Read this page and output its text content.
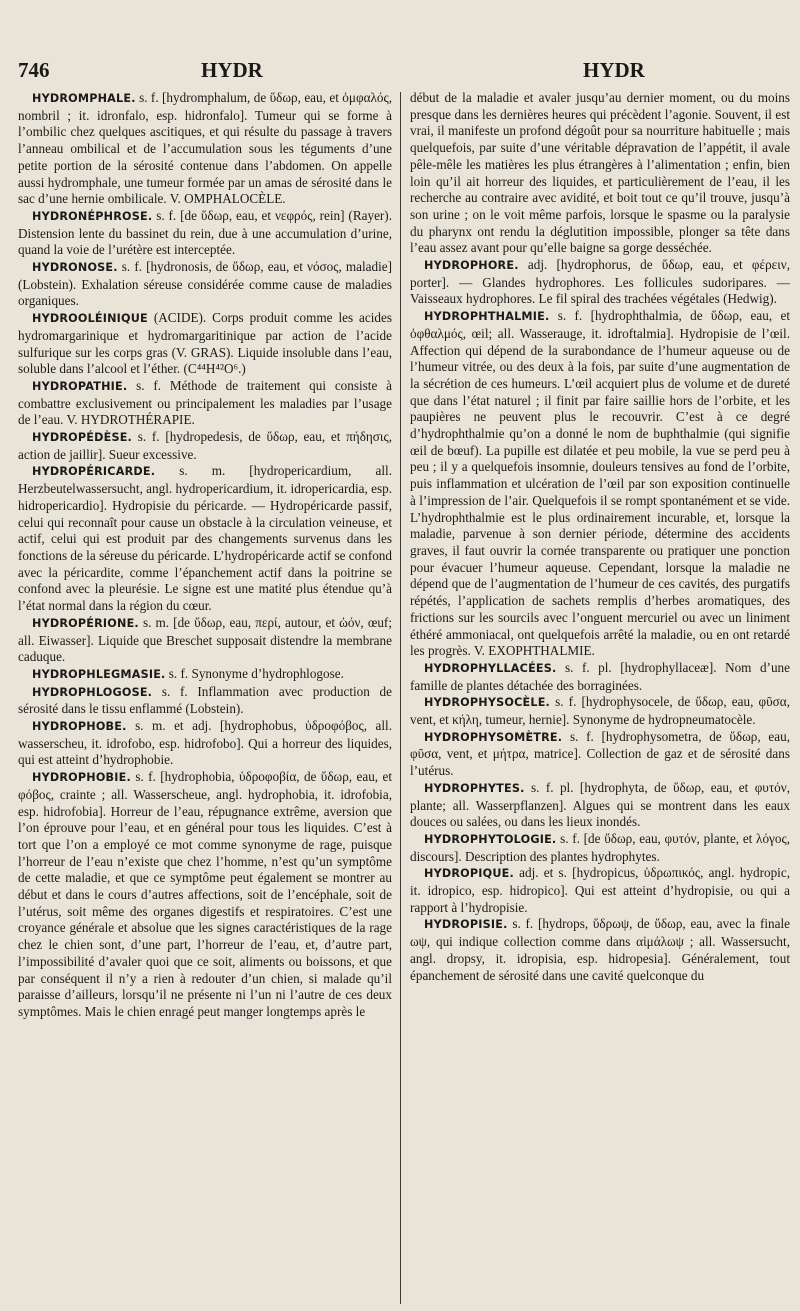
746	HYDR	HYDR

HYDROMPHALE. s. f. [hydromphalum, de ὕδωρ, eau, et ὀμφαλός, nombril ; it. idronfalo, esp. hidronfalo]. Tumeur qui se forme à l’ombilic chez quelques ascitiques, et qui résulte du passage à travers l’anneau ombilical et de l’accumulation sous les téguments d’une petite portion de la sérosité contenue dans l’abdomen. On appelle aussi hydromphale, une tumeur formée par un amas de sérosité dans le sac d’une hernie ombilicale. V. OMPHALOCÈLE.

HYDRONÉPHROSE. s. f. [de ὕδωρ, eau, et νεφρός, rein] (Rayer). Distension lente du bassinet du rein, due à une accumulation d’urine, quand la voie de l’urétère est interceptée.

HYDRONOSE. s. f. [hydronosis, de ὕδωρ, eau, et νόσος, maladie] (Lobstein). Exhalation séreuse considérée comme cause de maladies organiques.

HYDROOLÉINIQUE (ACIDE). Corps produit comme les acides hydromargarinique et hydromargaritinique par action de l’acide sulfurique sur les corps gras (V. GRAS). Liquide insoluble dans l’eau, soluble dans l’alcool et l’éther. (C⁴⁴H⁴²O⁶.)

HYDROPATHIE. s. f. Méthode de traitement qui consiste à combattre exclusivement ou principalement les maladies par l’usage de l’eau. V. HYDROTHÉRAPIE.

HYDROPÉDÈSE. s. f. [hydropedesis, de ὕδωρ, eau, et πήδησις, action de jaillir]. Sueur excessive.

HYDROPÉRICARDE. s. m. [hydropericardium, all. Herzbeutelwassersucht, angl. hydropericardium, it. idropericardia, esp. hidropericardio]. Hydropisie du péricarde. — Hydropéricarde passif, celui qui reconnaît pour cause un obstacle à la circulation veineuse, et actif, celui qui est produit par des changements survenus dans les fonctions de la séreuse du péricarde. L’hydropéricarde actif se confond avec la péricardite, comme l’épanchement actif dans la poitrine se confond avec la pleurésie. Le signe est une matité plus étendue qu’à l’état normal dans la région du cœur.

HYDROPÉRIONE. s. m. [de ὕδωρ, eau, περί, autour, et ὠόν, œuf; all. Eiwasser]. Liquide que Breschet supposait distendre la membrane caduque.

HYDROPHLEGMASIE. s. f. Synonyme d’hydrophlogose.

HYDROPHLOGOSE. s. f. Inflammation avec production de sérosité dans le tissu enflammé (Lobstein).

HYDROPHOBE. s. m. et adj. [hydrophobus, ὑδροφόβος, all. wasserscheu, it. idrofobo, esp. hidrofobo]. Qui a horreur des liquides, qui est atteint d’hydrophobie.

HYDROPHOBIE. s. f. [hydrophobia, ὑδροφοβία, de ὕδωρ, eau, et φόβος, crainte ; all. Wasserscheue, angl. hydrophobia, it. idrofobia, esp. hidrofobia]. Horreur de l’eau, répugnance extrême, aversion que l’on éprouve pour l’eau, et en général pour tous les liquides. C’est à tort que l’on a employé ce mot comme synonyme de rage, puisque l’horreur de l’eau n’existe que chez l’homme, n’est qu’un symptôme de cette maladie, et que ce symptôme peut également se montrer au début et dans le cours d’autres affections, soit de l’encéphale, soit de l’utérus, soit même des organes digestifs et respiratoires. C’est une croyance générale et absolue que les signes caractéristiques de la rage chez le chien sont, d’une part, l’horreur de l’eau, et, d’autre part, l’impossibilité d’avaler quoi que ce soit, aliments ou boissons, et que par conséquent il n’y a rien à redouter d’un chien, si malade qu’il paraisse d’ailleurs, lorsqu’il ne présente ni l’un ni l’autre de ces deux symptômes. Mais le chien enragé peut manger longtemps après le

début de la maladie et avaler jusqu’au dernier moment, ou du moins presque dans les dernières heures qui précèdent l’agonie. Souvent, il est vrai, il manifeste un profond dégoût pour sa nourriture habituelle ; mais quelquefois, par suite d’une véritable dépravation de l’appétit, il avale pêle-mêle les matières les plus étrangères à l’alimentation ; enfin, bien loin qu’il ait horreur des liquides, et particulièrement de l’eau, il les recherche au contraire avec avidité, et boit tout ce qu’il trouve, jusqu’à son urine ; on le voit même parfois, lorsque le spasme ou la paralysie du pharynx ont rendu la déglutition impossible, plonger sa tête dans l’eau assez avant pour qu’elle baigne sa gorge desséchée.

HYDROPHORE. adj. [hydrophorus, de ὕδωρ, eau, et φέρειν, porter]. — Glandes hydrophores. Les follicules sudoripares. — Vaisseaux hydrophores. Le fil spiral des trachées végétales (Hedwig).

HYDROPHTHALMIE. s. f. [hydrophthalmia, de ὕδωρ, eau, et ὀφθαλμός, œil; all. Wasserauge, it. idroftalmia]. Hydropisie de l’œil. Affection qui dépend de la surabondance de l’humeur aqueuse ou de l’humeur vitrée, ou des deux à la fois, par suite d’une augmentation de la sécrétion de ces humeurs. L’œil acquiert plus de volume et de dureté que dans l’état naturel ; il finit par faire saillie hors de l’orbite, et les paupières ne peuvent plus le recouvrir. C’est à ce degré d’hydrophthalmie qu’on a donné le nom de buphthalmie (qui signifie œil de bœuf). La pupille est dilatée et peu mobile, la vue se perd peu à peu ; il y a quelquefois insomnie, douleurs tensives au fond de l’orbite, puis inflammation et ulcération de l’œil par son exposition continuelle à l’impression de l’air. Quelquefois il se rompt spontanément et se vide. L’hydrophthalmie est le plus ordinairement incurable, et, lorsque la maladie, parvenue à son dernier période, détermine des accidents graves, il faut ouvrir la cornée transparente ou pratiquer une ponction pour évacuer l’humeur aqueuse. Cependant, lorsque la maladie ne dépend que de l’augmentation de l’humeur de ces cavités, des purgatifs répétés, l’application de sachets remplis d’herbes aromatiques, des frictions sur les sourcils avec l’onguent mercuriel ou avec un liniment éthéré ammoniacal, ont quelquefois arrêté la maladie, ou en ont retardé les progrès. V. EXOPHTHALMIE.

HYDROPHYLLACÉES. s. f. pl. [hydrophyllaceæ]. Nom d’une famille de plantes détachée des borraginées.

HYDROPHYSOCÈLE. s. f. [hydrophysocele, de ὕδωρ, eau, φῦσα, vent, et κήλη, tumeur, hernie]. Synonyme de hydropneumatocèle.

HYDROPHYSOMÈTRE. s. f. [hydrophysometra, de ὕδωρ, eau, φῦσα, vent, et μήτρα, matrice]. Collection de gaz et de sérosité dans l’utérus.

HYDROPHYTES. s. f. pl. [hydrophyta, de ὕδωρ, eau, et φυτόν, plante; all. Wasserpflanzen]. Algues qui se montrent dans les eaux douces ou salées, ou dans les lieux inondés.

HYDROPHYTOLOGIE. s. f. [de ὕδωρ, eau, φυτόν, plante, et λόγος, discours]. Description des plantes hydrophytes.

HYDROPIQUE. adj. et s. [hydropicus, ὑδρωπικός, angl. hydropic, it. idropico, esp. hidropico]. Qui est atteint d’hydropisie, ou qui a rapport à l’hydropisie.

HYDROPISIE. s. f. [hydrops, ὕδρωψ, de ὕδωρ, eau, avec la finale ωψ, qui indique collection comme dans αἱμάλωψ ; all. Wassersucht, angl. dropsy, it. idropisia, esp. hidropesia]. Généralement, tout épanchement de sérosité dans une cavité quelconque du
